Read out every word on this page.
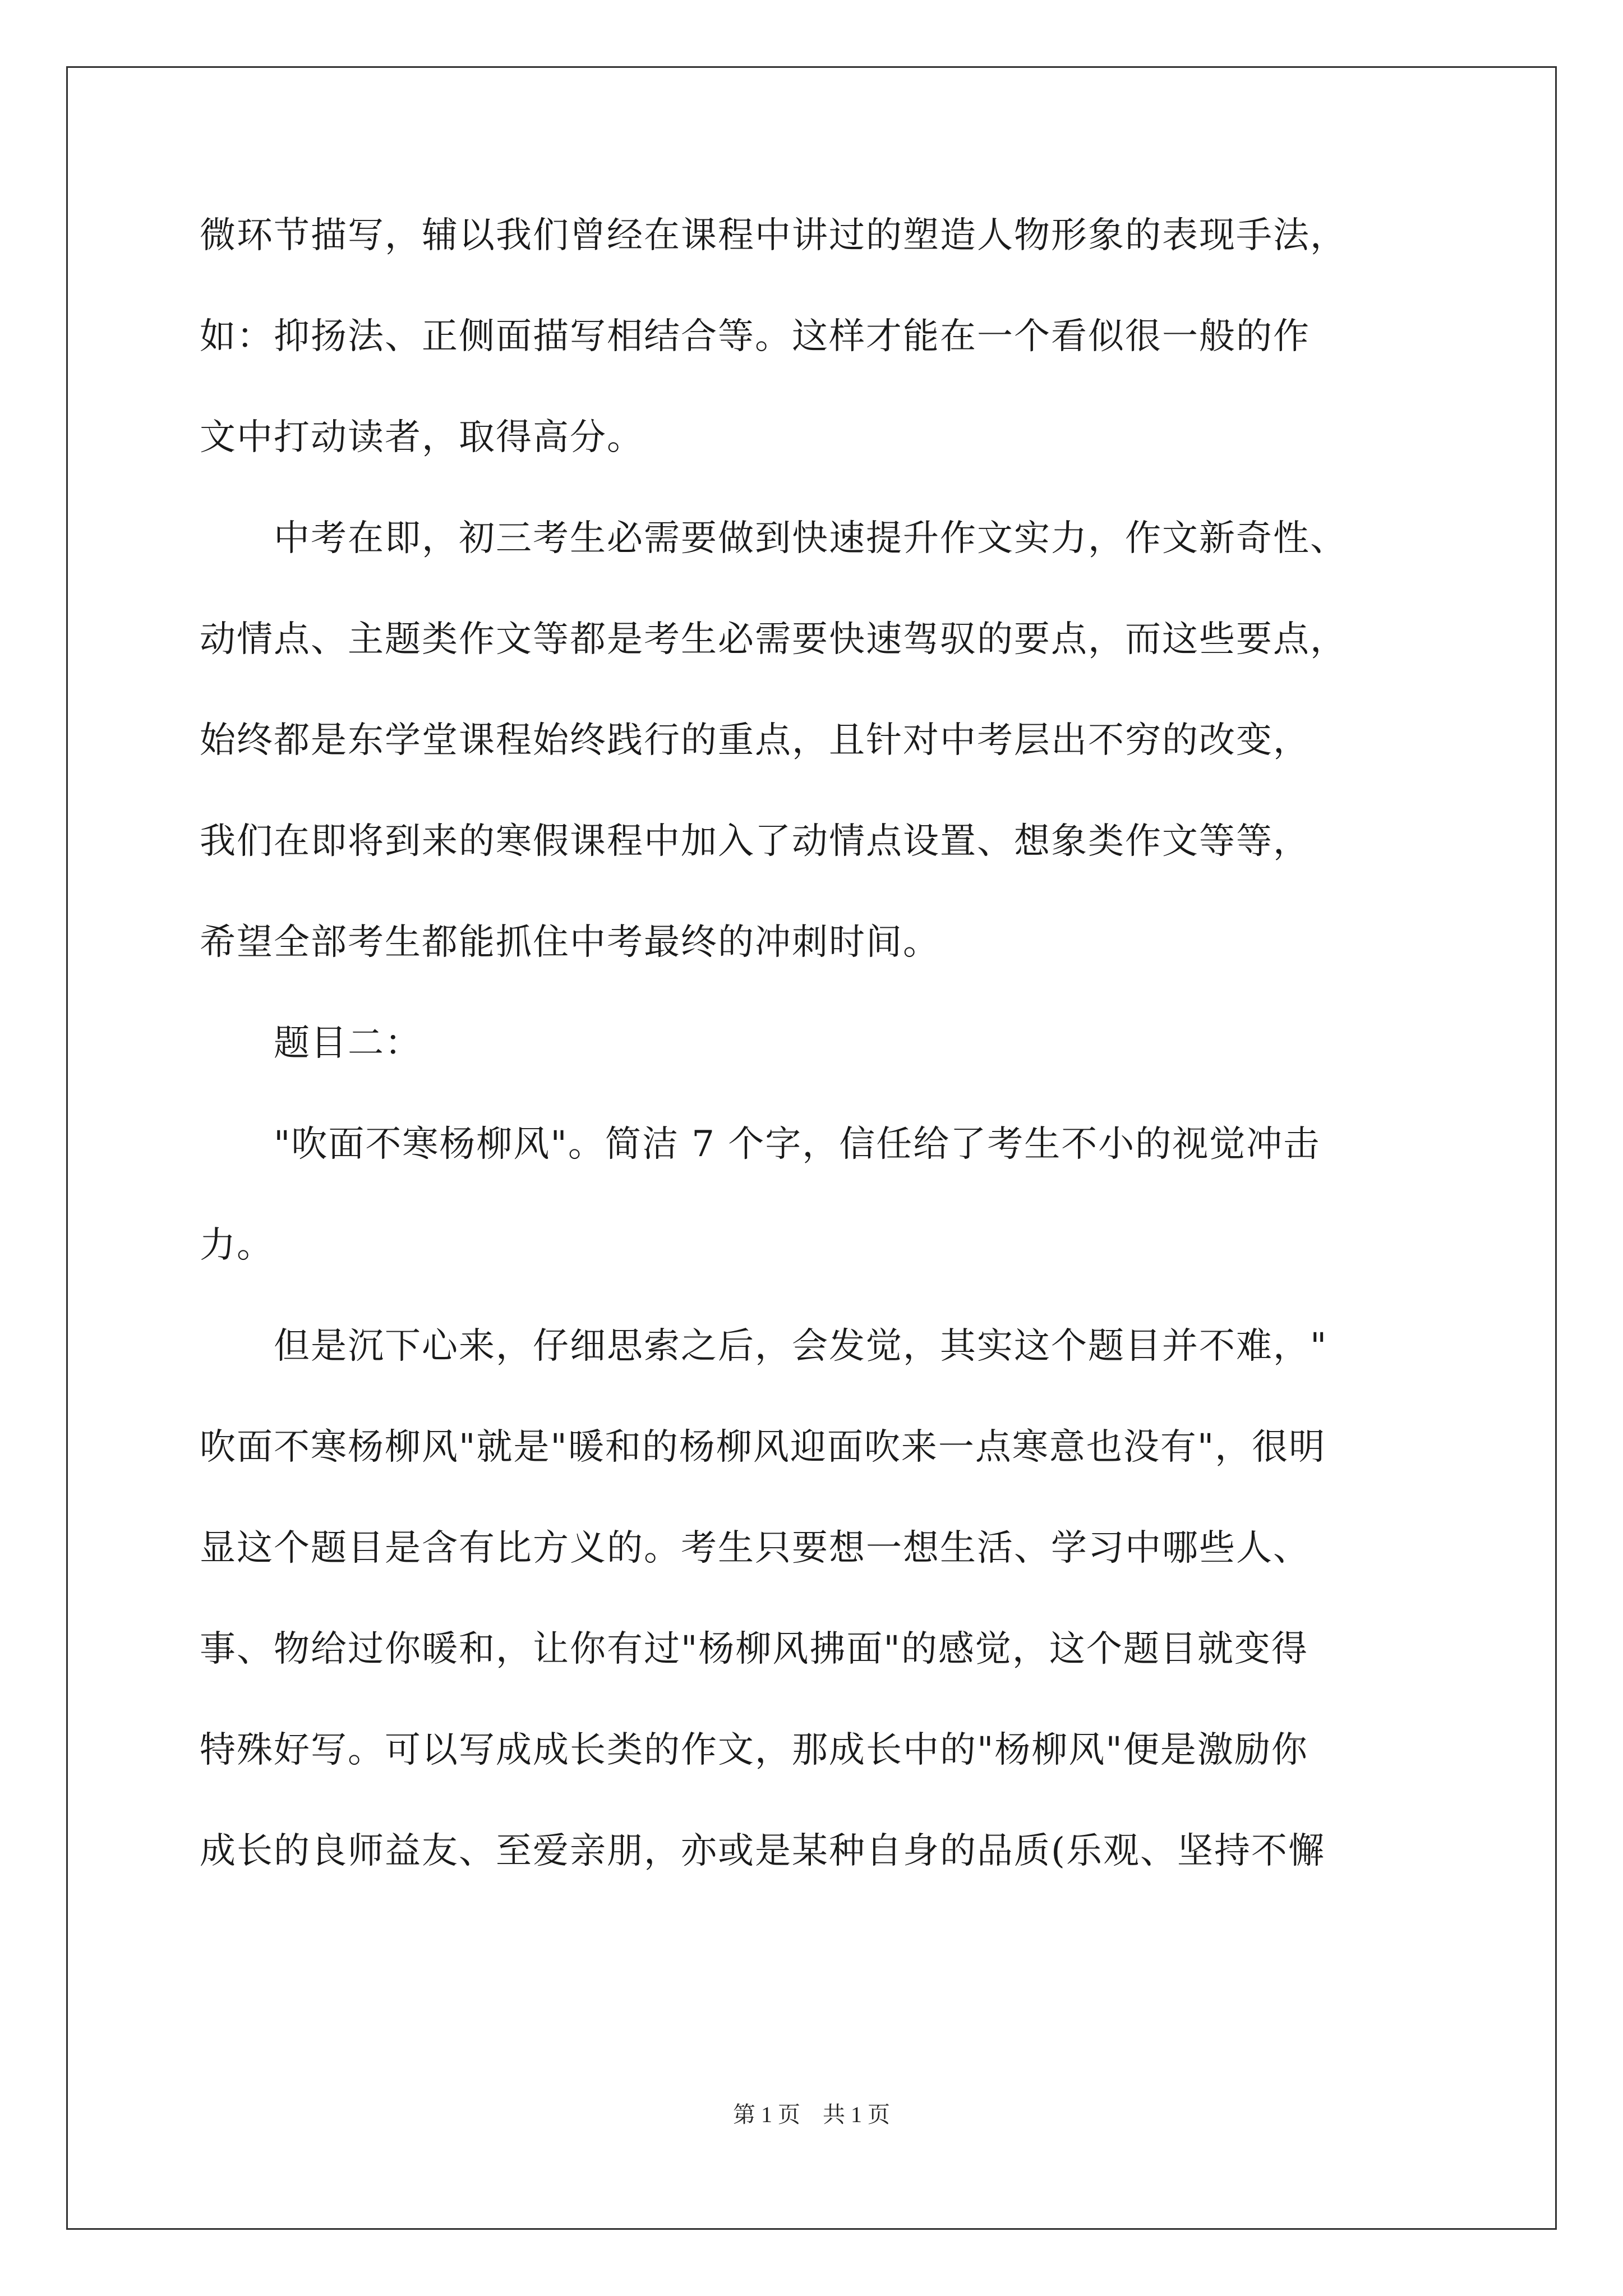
微环节描写，辅以我们曾经在课程中讲过的塑造人物形象的表现手法，
如：抑扬法、正侧面描写相结合等。这样才能在一个看似很一般的作
文中打动读者，取得高分。
　　中考在即，初三考生必需要做到快速提升作文实力，作文新奇性、
动情点、主题类作文等都是考生必需要快速驾驭的要点，而这些要点，
始终都是东学堂课程始终践行的重点，且针对中考层出不穷的改变，
我们在即将到来的寒假课程中加入了动情点设置、想象类作文等等，
希望全部考生都能抓住中考最终的冲刺时间。
　　题目二：
　　"吹面不寒杨柳风"。简洁 7 个字，信任给了考生不小的视觉冲击
力。
　　但是沉下心来，仔细思索之后，会发觉，其实这个题目并不难，"
吹面不寒杨柳风"就是"暖和的杨柳风迎面吹来一点寒意也没有"，很明
显这个题目是含有比方义的。考生只要想一想生活、学习中哪些人、
事、物给过你暖和，让你有过"杨柳风拂面"的感觉，这个题目就变得
特殊好写。可以写成成长类的作文，那成长中的"杨柳风"便是激励你
成长的良师益友、至爱亲朋，亦或是某种自身的品质(乐观、坚持不懈
第 1 页　共 1 页
